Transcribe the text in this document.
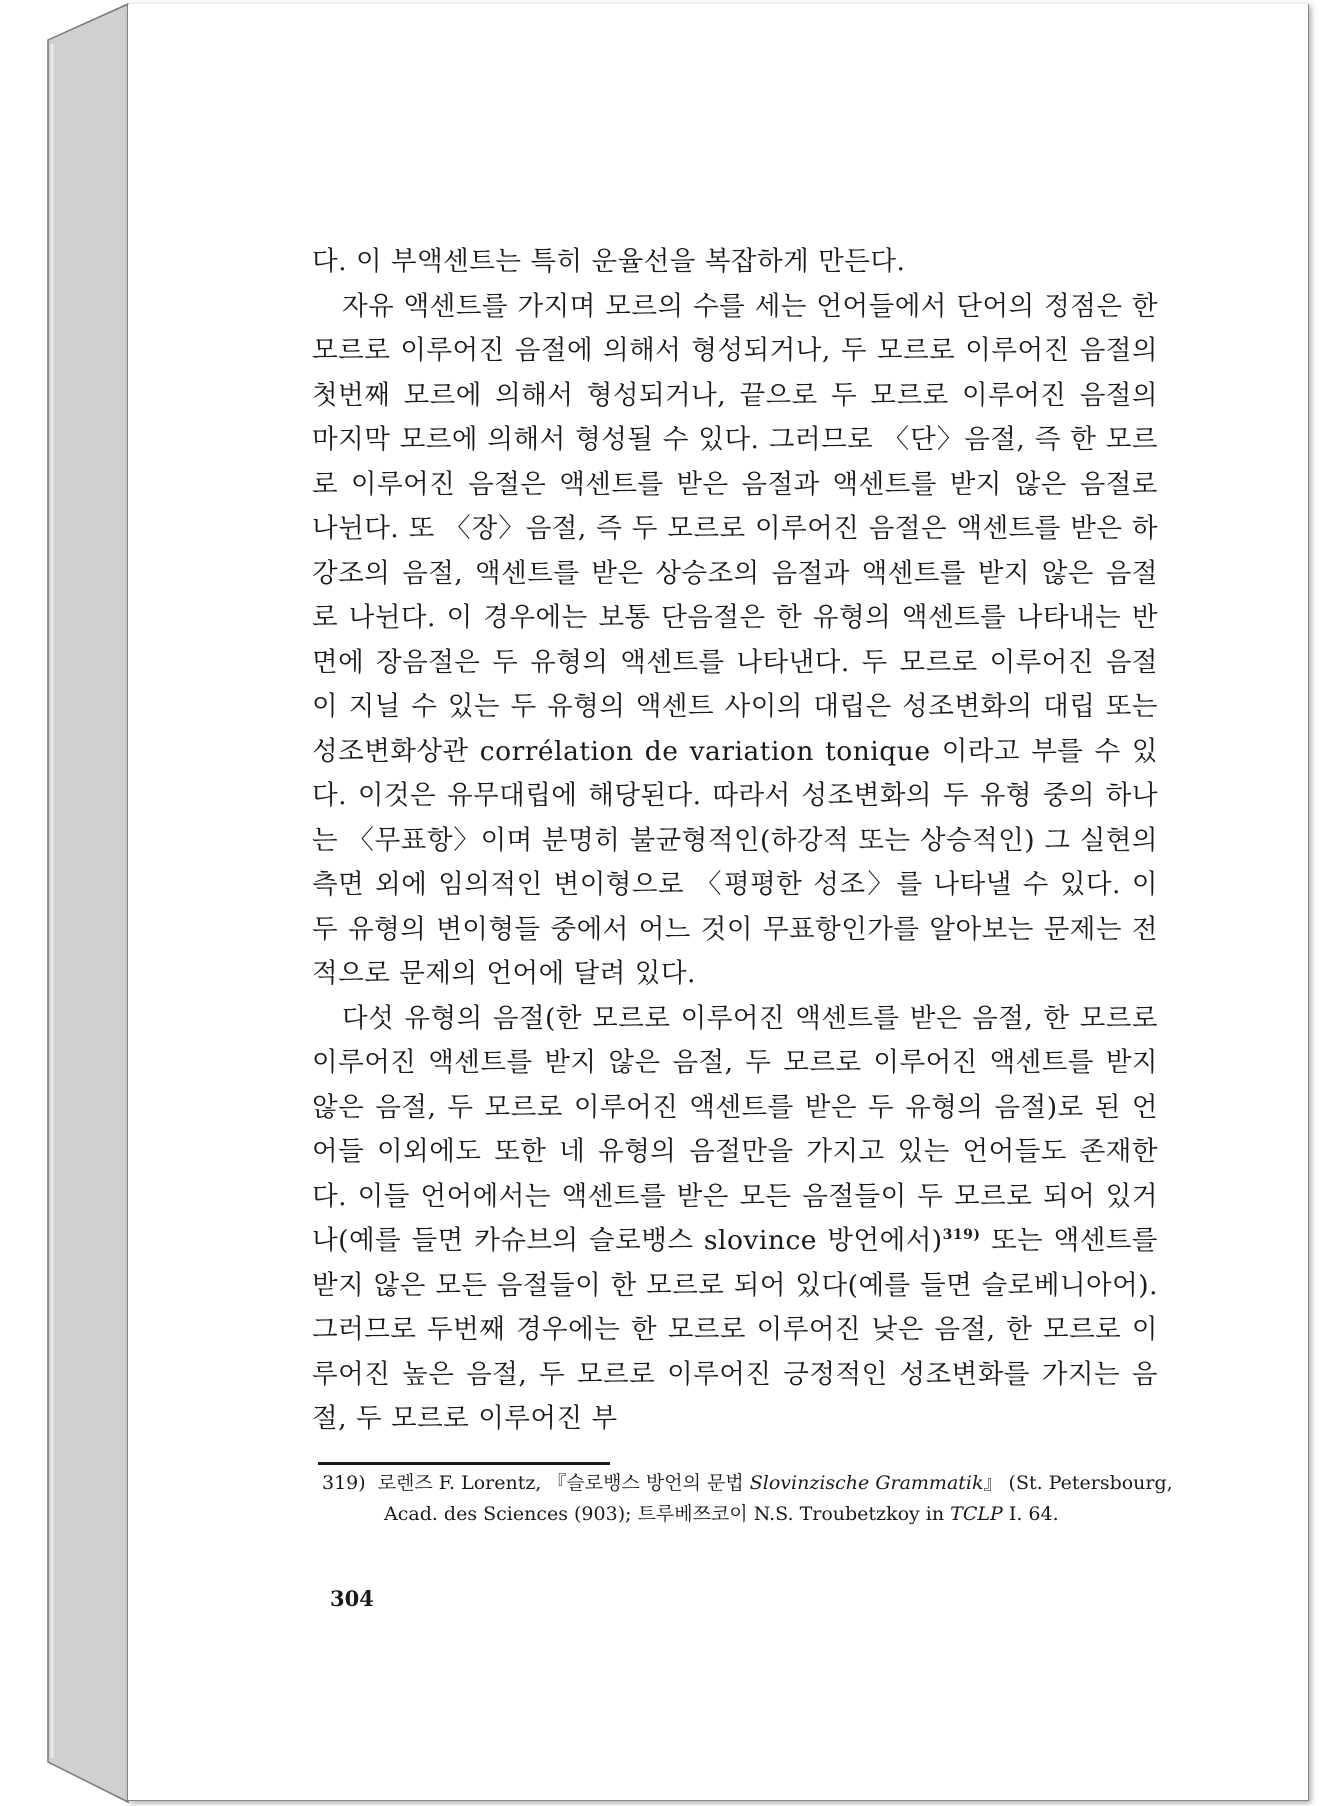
다. 이 부액센트는 특히 운율선을 복잡하게 만든다.

자유 액센트를 가지며 모르의 수를 세는 언어들에서 단어의 정점은 한 모르로 이루어진 음절에 의해서 형성되거나, 두 모르로 이루어진 음절의 첫번째 모르에 의해서 형성되거나, 끝으로 두 모르로 이루어진 음절의 마지막 모르에 의해서 형성될 수 있다. 그러므로 〈단〉음절, 즉 한 모르로 이루어진 음절은 액센트를 받은 음절과 액센트를 받지 않은 음절로 나뉜다. 또 〈장〉음절, 즉 두 모르로 이루어진 음절은 액센트를 받은 하강조의 음절, 액센트를 받은 상승조의 음절과 액센트를 받지 않은 음절로 나뉜다. 이 경우에는 보통 단음절은 한 유형의 액센트를 나타내는 반면에 장음절은 두 유형의 액센트를 나타낸다. 두 모르로 이루어진 음절이 지닐 수 있는 두 유형의 액센트 사이의 대립은 성조변화의 대립 또는 성조변화상관 corrélation de variation tonique 이라고 부를 수 있다. 이것은 유무대립에 해당된다. 따라서 성조변화의 두 유형 중의 하나는 〈무표항〉이며 분명히 불균형적인(하강적 또는 상승적인) 그 실현의 측면 외에 임의적인 변이형으로 〈평평한 성조〉를 나타낼 수 있다. 이 두 유형의 변이형들 중에서 어느 것이 무표항인가를 알아보는 문제는 전적으로 문제의 언어에 달려 있다.

다섯 유형의 음절(한 모르로 이루어진 액센트를 받은 음절, 한 모르로 이루어진 액센트를 받지 않은 음절, 두 모르로 이루어진 액센트를 받지 않은 음절, 두 모르로 이루어진 액센트를 받은 두 유형의 음절)로 된 언어들 이외에도 또한 네 유형의 음절만을 가지고 있는 언어들도 존재한다. 이들 언어에서는 액센트를 받은 모든 음절들이 두 모르로 되어 있거나(예를 들면 카슈브의 슬로뱅스 slovince 방언에서)$^{319)}$ 또는 액센트를 받지 않은 모든 음절들이 한 모르로 되어 있다(예를 들면 슬로베니아어). 그러므로 두번째 경우에는 한 모르로 이루어진 낮은 음절, 한 모르로 이루어진 높은 음절, 두 모르로 이루어진 긍정적인 성조변화를 가지는 음절, 두 모르로 이루어진 부

319) 로렌즈 F. Lorentz, 『슬로뱅스 방언의 문법 Slovinzische Grammatik』 (St. Petersbourg, Acad. des Sciences (903); 트루베쯔코이 N.S. Troubetzkoy in TCLP Ⅰ. 64.
304
